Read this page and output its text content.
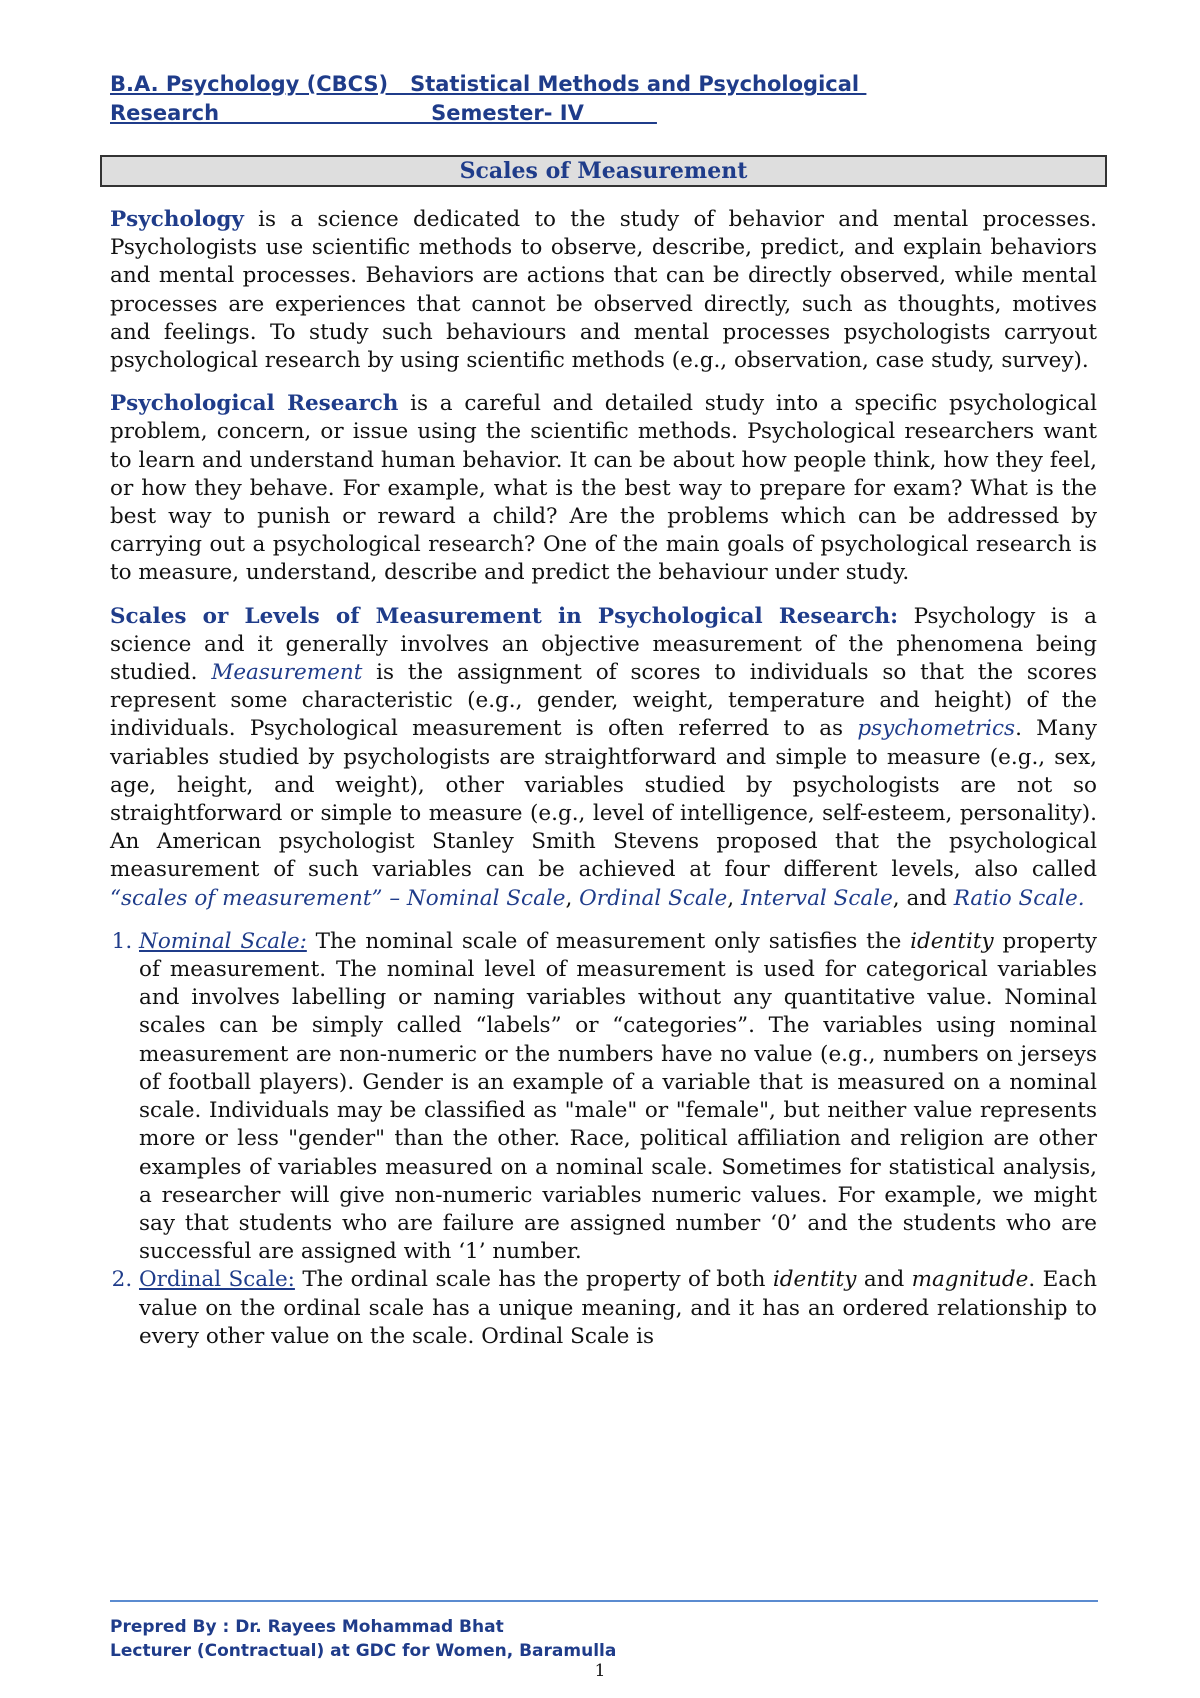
B.A. Psychology (CBCS)   Statistical Methods and Psychological
Research                             Semester- IV
Scales of Measurement

Psychology is a science dedicated to the study of behavior and mental processes. Psychologists use scientific methods to observe, describe, predict, and explain behaviors and mental processes. Behaviors are actions that can be directly observed, while mental processes are experiences that cannot be observed directly, such as thoughts, motives and feelings. To study such behaviours and mental processes psychologists carryout psychological research by using scientific methods (e.g., observation, case study, survey).

Psychological Research is a careful and detailed study into a specific psychological problem, concern, or issue using the scientific methods. Psychological researchers want to learn and understand human behavior. It can be about how people think, how they feel, or how they behave. For example, what is the best way to prepare for exam? What is the best way to punish or reward a child? Are the problems which can be addressed by carrying out a psychological research? One of the main goals of psychological research is to measure, understand, describe and predict the behaviour under study.

Scales or Levels of Measurement in Psychological Research: Psychology is a science and it generally involves an objective measurement of the phenomena being studied. Measurement is the assignment of scores to individuals so that the scores represent some characteristic (e.g., gender, weight, temperature and height) of the individuals. Psychological measurement is often referred to as psychometrics. Many variables studied by psychologists are straightforward and simple to measure (e.g., sex, age, height, and weight), other variables studied by psychologists are not so straightforward or simple to measure (e.g., level of intelligence, self-esteem, personality). An American psychologist Stanley Smith Stevens proposed that the psychological measurement of such variables can be achieved at four different levels, also called “scales of measurement” – Nominal Scale, Ordinal Scale, Interval Scale, and Ratio Scale.

1. Nominal Scale: The nominal scale of measurement only satisfies the identity property of measurement. The nominal level of measurement is used for categorical variables and involves labelling or naming variables without any quantitative value. Nominal scales can be simply called “labels” or “categories”. The variables using nominal measurement are non-numeric or the numbers have no value (e.g., numbers on jerseys of football players). Gender is an example of a variable that is measured on a nominal scale. Individuals may be classified as "male" or "female", but neither value represents more or less "gender" than the other. Race, political affiliation and religion are other examples of variables measured on a nominal scale. Sometimes for statistical analysis, a researcher will give non-numeric variables numeric values. For example, we might say that students who are failure are assigned number ‘0’ and the students who are successful are assigned with ‘1’ number.
2. Ordinal Scale: The ordinal scale has the property of both identity and magnitude. Each value on the ordinal scale has a unique meaning, and it has an ordered relationship to every other value on the scale. Ordinal Scale is
Prepred By : Dr. Rayees Mohammad Bhat
Lecturer (Contractual) at GDC for Women, Baramulla
1
